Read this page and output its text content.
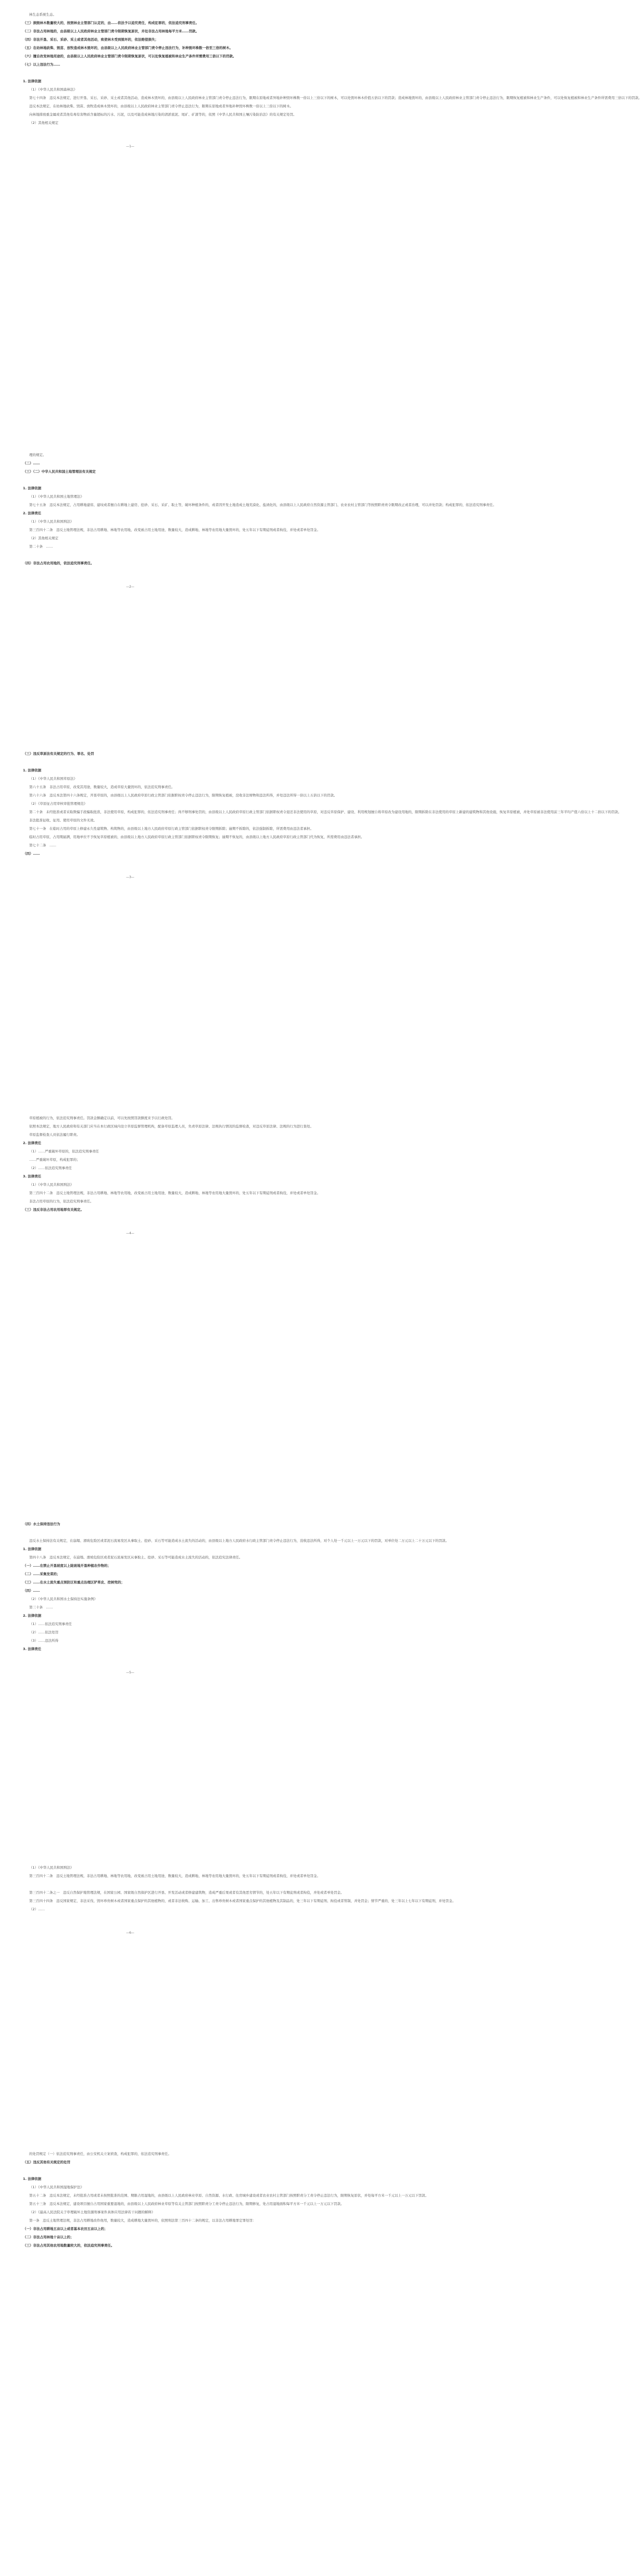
林生态系统生态。
（三）损毁林木数量较大的，按照林业主管部门认定的，由……依法予以追究责任，构成犯罪的，依法追究刑事责任。
（二）非法占用林地的，由县级以上人民政府林业主管部门责令限期恢复原状，并处非法占用林地每平方米……罚款。
（四）非法开垦、采石、采砂、采土或者其他活动，致使林木受到毁坏的，依法赔偿损失；
（五）在幼林地砍柴、毁苗、放牧造成林木毁坏的，由县级以上人民政府林业主管部门责令停止违法行为，补种毁坏株数一倍至三倍的树木。
（六）擅自改变林地用途的，由县级以上人民政府林业主管部门责令限期恢复原状，可以处恢复植被和林业生产条件所需费用三倍以下的罚款。
（七）以上违法行为……
1. 法律依据
（1）《中华人民共和国森林法》
第七十四条　违反本法规定，进行开垦、采石、采砂、采土或者其他活动，造成林木毁坏的，由县级以上人民政府林业主管部门责令停止违法行为，限期在原地或者异地补种毁坏株数一倍以上三倍以下的树木，可以处毁坏林木价值五倍以下的罚款；造成林地毁坏的，由县级以上人民政府林业主管部门责令停止违法行为，限期恢复植被和林业生产条件，可以处恢复植被和林业生产条件所需费用三倍以下的罚款。
违反本法规定，在幼林地砍柴、毁苗、放牧造成林木毁坏的，由县级以上人民政府林业主管部门责令停止违法行为，限期在原地或者异地补种毁坏株数一倍以上三倍以下的树木。
向林地排放重金属或者其他有毒有害物质含量超标的污水、污泥，以及可能造成林地污染的清淤底泥、尾矿、矿渣等的，依照《中华人民共和国土壤污染防治法》的有关规定处罚。
（2）其他相关规定
—1—
理的规定。
（二）……
（三）（二）中华人民共和国土地管理法有关规定
1. 法律依据
（1）《中华人民共和国土地管理法》
第七十五条　违反本法规定，占用耕地建窑、建坟或者擅自在耕地上建房、挖砂、采石、采矿、取土等，破坏种植条件的，或者因开发土地造成土地荒漠化、盐渍化的，由县级以上人民政府自然资源主管部门、农业农村主管部门等按照职责责令限期改正或者治理，可以并处罚款；构成犯罪的，依法追究刑事责任。
2. 法律责任
（1）《中华人民共和国刑法》
第三百四十二条　违反土地管理法规，非法占用耕地、林地等农用地，改变被占用土地用途，数量较大，造成耕地、林地等农用地大量毁坏的，处五年以下有期徒刑或者拘役，并处或者单处罚金。
（2）其他相关规定
第二十条　……
（四）非法占用农用地的，依法追究刑事责任。
—2—
（三）违反草原法有关规定的行为、罪名、处罚
1. 法律依据
（1）《中华人民共和国草原法》
第六十五条　非法占用草原，改变其用途，数量较大，造成草原大量毁坏的，依法追究刑事责任。
第六十六条　违反本法第四十六条规定，开垦草原的，由县级以上人民政府草原行政主管部门依据职权责令停止违法行为，限期恢复植被，没收非法财物和违法所得，并处违法所得一倍以上五倍以下的罚款。
（2）《草原征占用审核审批管理规范》
第二十条　未经批准或者采取欺骗手段骗取批准，非法使用草原，构成犯罪的，依法追究刑事责任；尚不够刑事处罚的，由县级以上人民政府草原行政主管部门依据职权责令退还非法使用的草原，对违反草原保护、建设、利用规划擅自将草原改为建设用地的，限期拆除在非法使用的草原上新建的建筑物和其他设施，恢复草原植被，并处草原被非法使用前三年平均产值六倍以上十二倍以下的罚款。
非法批准征收、征用、使用草原的文件无效。
第七十一条　在临时占用的草原上修建永久性建筑物、构筑物的，由县级以上地方人民政府草原行政主管部门依据职权责令限期拆除；逾期不拆除的，依法强制拆除，所需费用由违法者承担。
临时占用草原，占用期届满，用地单位不予恢复草原植被的，由县级以上地方人民政府草原行政主管部门依据职权责令限期恢复；逾期不恢复的，由县级以上地方人民政府草原行政主管部门代为恢复，所需费用由违法者承担。
第七十二条　……
（四）……
—3—
草原植被的行为，依法追究刑事责任。罚款金额确定以前，可以先按照罚款额度来予以行政处罚。
依照本法规定，地方人民政府和有关部门应当在本行政区域内设立草原监督管理机构，配备草原监理人员，负责草原法律、法规执行情况的监督检查，对违反草原法律、法规的行为进行查处。
草原监督检查人员依法履行职责。
2. 法律责任
（1）……严重破坏草原的，依法追究刑事责任
……严重破坏草原，构成犯罪的；
（2）……依法追究刑事责任
3. 法律责任
（1）《中华人民共和国刑法》
第三百四十二条　违反土地管理法规，非法占用耕地、林地等农用地，改变被占用土地用途，数量较大，造成耕地、林地等农用地大量毁坏的，处五年以下有期徒刑或者拘役，并处或者单处罚金。
非法占用草原的行为，依法追究刑事责任。
（三）违反非法占用农用地罪有关规定。
—4—
（四）水土保持违法行为
违反水土保持法有关规定，在崩塌、滑坡危险区或者泥石流易发区从事取土、挖砂、采石等可能造成水土流失的活动的，由县级以上地方人民政府水行政主管部门责令停止违法行为，没收违法所得，对个人处一千元以上一万元以下的罚款，对单位处二万元以上二十万元以下的罚款。
1. 法律依据
第四十八条　违反本法规定，在崩塌、滑坡危险区或者泥石流易发区从事取土、挖砂、采石等可能造成水土流失的活动的，依法追究法律责任。
（一）……在禁止开垦坡度以上陡坡地开垦种植农作物的；
（二）……采集发菜的；
（三）……在水土流失重点预防区和重点治理区铲草皮、挖树兜的；
（四）……
（2）《中华人民共和国水土保持法实施条例》
第三十条　……
2. 法律依据
（1）……依法追究刑事责任
（2）……依法处罚
（3）……违法所得
3. 法律责任
—5—
（1）《中华人民共和国刑法》
第三百四十二条　违反土地管理法规，非法占用耕地、林地等农用地，改变被占用土地用途，数量较大，造成耕地、林地等农用地大量毁坏的，处五年以下有期徒刑或者拘役，并处或者单处罚金。
第三百四十二条之一　违反自然保护地管理法规，在国家公园、国家级自然保护区进行开垦、开发活动或者修建建筑物，造成严重后果或者有其他恶劣情节的，处五年以下有期徒刑或者拘役，并处或者单处罚金。
第三百四十四条　违反国家规定，非法采伐、毁坏珍贵树木或者国家重点保护的其他植物的，或者非法收购、运输、加工、出售珍贵树木或者国家重点保护的其他植物及其制品的，处三年以下有期徒刑、拘役或者管制，并处罚金；情节严重的，处三年以上七年以下有期徒刑，并处罚金。
（2）……
—6—
的处罚规定（一）依法追究刑事责任，由公安机关立案侦查，构成犯罪的，依法追究刑事责任。
（五）违反其他有关规定的处罚
1. 法律依据
（1）《中华人民共和国湿地保护法》
第五十二条　违反本法规定，未经批准占用或者未按照批准的范围、期限占用湿地的，由县级以上人民政府林业草原、自然资源、水行政、住房城乡建设或者农业农村主管部门按照职责分工责令停止违法行为，限期恢复原状，并处每平方米一千元以上一万元以下罚款。
第五十三条　违反本法规定，建设项目擅自占用国家重要湿地的，由县级以上人民政府林业草原等有关主管部门按照职责分工责令停止违法行为，限期修复，处占用湿地面积每平方米一千元以上一万元以下罚款。
（2）《最高人民法院关于审理破坏土地资源刑事案件具体应用法律若干问题的解释》
第一条　违反土地管理法规，非法占用耕地改作他用，数量较大，造成耕地大量毁坏的，依照刑法第三百四十二条的规定，以非法占用耕地罪定罪处罚：
（一）非法占用耕地五亩以上或者基本农田五亩以上的；
（二）非法占用林地十亩以上的；
（三）非法占用其他农用地数量较大的，依法追究刑事责任。
